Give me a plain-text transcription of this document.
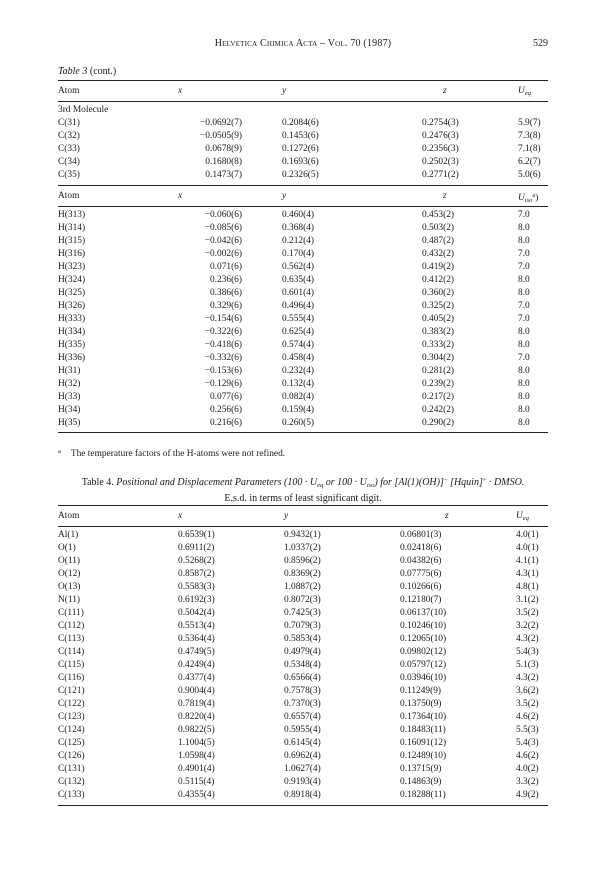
Helvetica Chimica Acta – Vol. 70 (1987)	529
Table 3 (cont.)
Atom	x	y	z	$U_{eq}$
3rd Molecule
C(31)	−0.0692(7)	0.2084(6)	0.2754(3)	5.9(7)
C(32)	−0.0505(9)	0.1453(6)	0.2476(3)	7.3(8)
C(33)	0.0678(9)	0.1272(6)	0.2356(3)	7.1(8)
C(34)	0.1680(8)	0.1693(6)	0.2502(3)	6.2(7)
C(35)	0.1473(7)	0.2326(5)	0.2771(2)	5.0(6)
Atom	x	y	z	$U_{iso}^a$)
H(313)	−0.060(6)	0.460(4)	0.453(2)	7.0
H(314)	−0.085(6)	0.368(4)	0.503(2)	8.0
H(315)	−0.042(6)	0.212(4)	0.487(2)	8.0
H(316)	−0.002(6)	0.170(4)	0.432(2)	7.0
H(323)	0.071(6)	0.562(4)	0.419(2)	7.0
H(324)	0.236(6)	0.635(4)	0.412(2)	8.0
H(325)	0.386(6)	0.601(4)	0.360(2)	8.0
H(326)	0.329(6)	0.496(4)	0.325(2)	7.0
H(333)	−0.154(6)	0.555(4)	0.405(2)	7.0
H(334)	−0.322(6)	0.625(4)	0.383(2)	8.0
H(335)	−0.418(6)	0.574(4)	0.333(2)	8.0
H(336)	−0.332(6)	0.458(4)	0.304(2)	7.0
H(31)	−0.153(6)	0.232(4)	0.281(2)	8.0
H(32)	−0.129(6)	0.132(4)	0.239(2)	8.0
H(33)	0.077(6)	0.082(4)	0.217(2)	8.0
H(34)	0.256(6)	0.159(4)	0.242(2)	8.0
H(35)	0.216(6)	0.260(5)	0.290(2)	8.0
$^a$ The temperature factors of the H-atoms were not refined.
Table 4. Positional and Displacement Parameters ($100 \cdot U_{eq}$ or $100 \cdot U_{iso}$) for [Al(1)(OH)]− [Hquin]+ · DMSO.
E.s.d. in terms of least significant digit.
Atom	x	y	z	$U_{eq}$
Al(1)	0.6539(1)	0.9432(1)	0.06801(3)	4.0(1)
O(1)	0.6911(2)	1.0337(2)	0.02418(6)	4.0(1)
O(11)	0.5268(2)	0.8596(2)	0.04382(6)	4.1(1)
O(12)	0.8587(2)	0.8369(2)	0.07775(6)	4.3(1)
O(13)	0.5583(3)	1.0887(2)	0.10266(6)	4.8(1)
N(11)	0.6192(3)	0.8072(3)	0.12180(7)	3.1(2)
C(111)	0.5042(4)	0.7425(3)	0.06137(10)	3.5(2)
C(112)	0.5513(4)	0.7079(3)	0.10246(10)	3.2(2)
C(113)	0.5364(4)	0.5853(4)	0.12065(10)	4.3(2)
C(114)	0.4749(5)	0.4979(4)	0.09802(12)	5.4(3)
C(115)	0.4249(4)	0.5348(4)	0.05797(12)	5.1(3)
C(116)	0.4377(4)	0.6566(4)	0.03946(10)	4.3(2)
C(121)	0.9004(4)	0.7578(3)	0.11249(9)	3.6(2)
C(122)	0.7819(4)	0.7370(3)	0.13750(9)	3.5(2)
C(123)	0.8220(4)	0.6557(4)	0.17364(10)	4.6(2)
C(124)	0.9822(5)	0.5955(4)	0.18483(11)	5.5(3)
C(125)	1.1004(5)	0.6145(4)	0.16091(12)	5.4(3)
C(126)	1.0598(4)	0.6962(4)	0.12489(10)	4.6(2)
C(131)	0.4901(4)	1.0627(4)	0.13715(9)	4.0(2)
C(132)	0.5115(4)	0.9193(4)	0.14863(9)	3.3(2)
C(133)	0.4355(4)	0.8918(4)	0.18288(11)	4.9(2)
